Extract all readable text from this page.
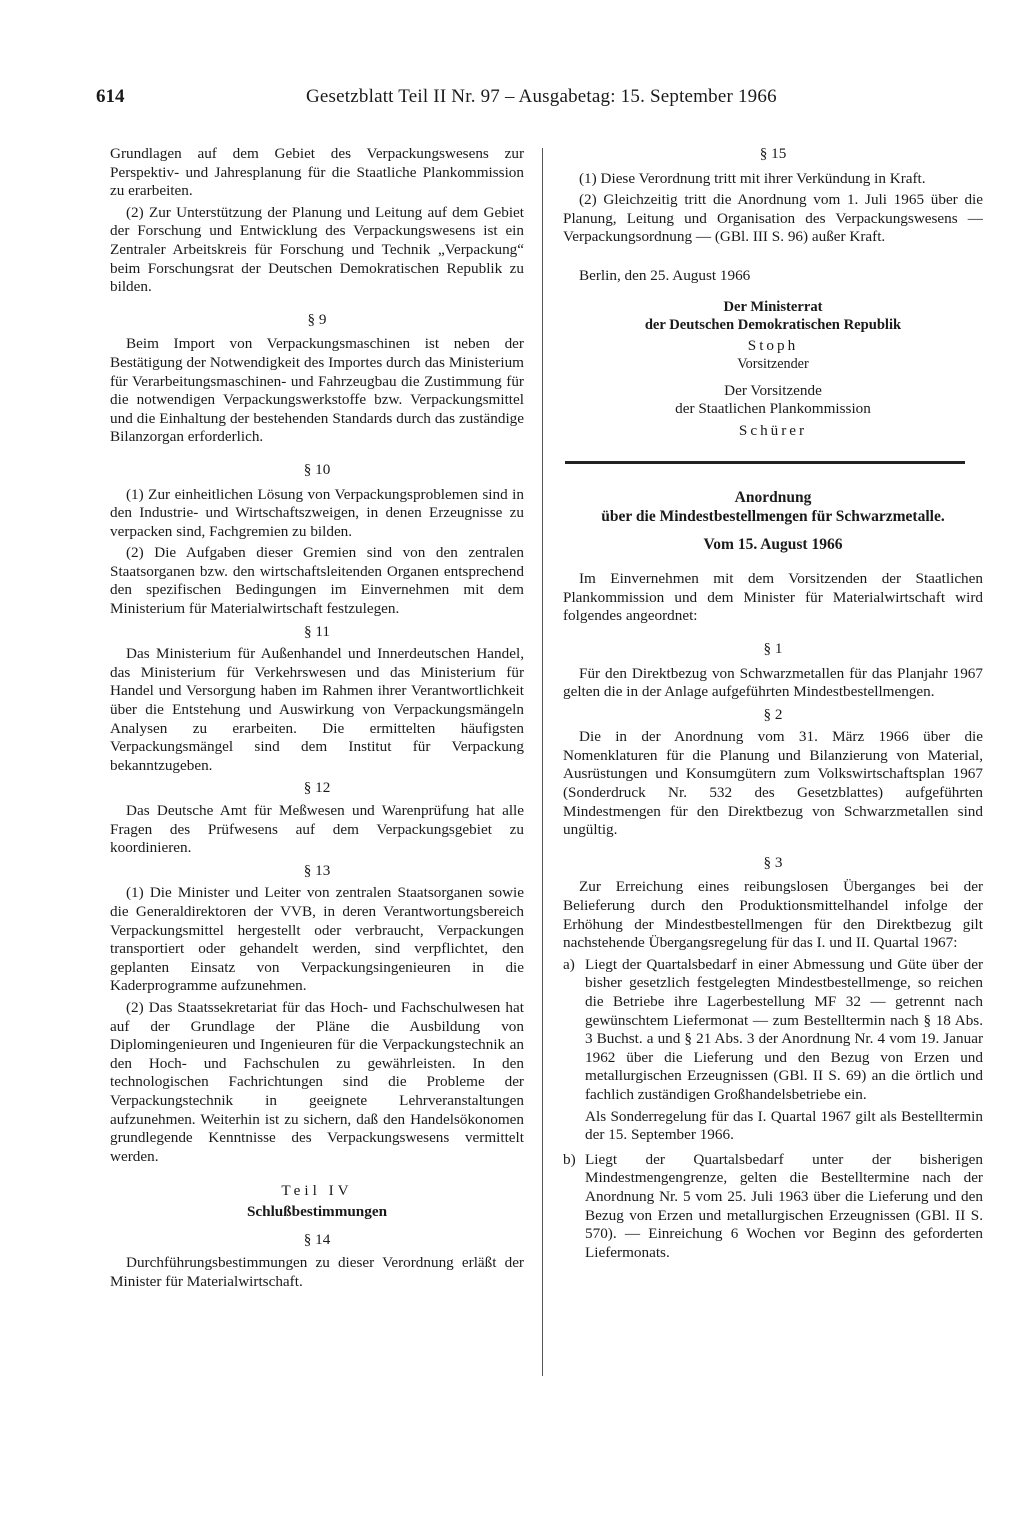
614	Gesetzblatt Teil II Nr. 97 – Ausgabetag: 15. September 1966

Grundlagen auf dem Gebiet des Verpackungswesens zur Perspektiv- und Jahresplanung für die Staatliche Plankommission zu erarbeiten.

(2) Zur Unterstützung der Planung und Leitung auf dem Gebiet der Forschung und Entwicklung des Verpackungswesens ist ein Zentraler Arbeitskreis für Forschung und Technik „Verpackung“ beim Forschungsrat der Deutschen Demokratischen Republik zu bilden.

§ 9

Beim Import von Verpackungsmaschinen ist neben der Bestätigung der Notwendigkeit des Importes durch das Ministerium für Verarbeitungsmaschinen- und Fahrzeugbau die Zustimmung für die notwendigen Verpackungswerkstoffe bzw. Verpackungsmittel und die Einhaltung der bestehenden Standards durch das zuständige Bilanzorgan erforderlich.

§ 10

(1) Zur einheitlichen Lösung von Verpackungsproblemen sind in den Industrie- und Wirtschaftszweigen, in denen Erzeugnisse zu verpacken sind, Fachgremien zu bilden.

(2) Die Aufgaben dieser Gremien sind von den zentralen Staatsorganen bzw. den wirtschaftsleitenden Organen entsprechend den spezifischen Bedingungen im Einvernehmen mit dem Ministerium für Materialwirtschaft festzulegen.

§ 11

Das Ministerium für Außenhandel und Innerdeutschen Handel, das Ministerium für Verkehrswesen und das Ministerium für Handel und Versorgung haben im Rahmen ihrer Verantwortlichkeit über die Entstehung und Auswirkung von Verpackungsmängeln Analysen zu erarbeiten. Die ermittelten häufigsten Verpackungsmängel sind dem Institut für Verpackung bekanntzugeben.

§ 12

Das Deutsche Amt für Meßwesen und Warenprüfung hat alle Fragen des Prüfwesens auf dem Verpackungsgebiet zu koordinieren.

§ 13

(1) Die Minister und Leiter von zentralen Staatsorganen sowie die Generaldirektoren der VVB, in deren Verantwortungsbereich Verpackungsmittel hergestellt oder verbraucht, Verpackungen transportiert oder gehandelt werden, sind verpflichtet, den geplanten Einsatz von Verpackungsingenieuren in die Kaderprogramme aufzunehmen.

(2) Das Staatssekretariat für das Hoch- und Fachschulwesen hat auf der Grundlage der Pläne die Ausbildung von Diplomingenieuren und Ingenieuren für die Verpackungstechnik an den Hoch- und Fachschulen zu gewährleisten. In den technologischen Fachrichtungen sind die Probleme der Verpackungstechnik in geeignete Lehrveranstaltungen aufzunehmen. Weiterhin ist zu sichern, daß den Handelsökonomen grundlegende Kenntnisse des Verpackungswesens vermittelt werden.

Teil IV
Schlußbestimmungen
§ 14

Durchführungsbestimmungen zu dieser Verordnung erläßt der Minister für Materialwirtschaft.

§ 15

(1) Diese Verordnung tritt mit ihrer Verkündung in Kraft.

(2) Gleichzeitig tritt die Anordnung vom 1. Juli 1965 über die Planung, Leitung und Organisation des Verpackungswesens — Verpackungsordnung — (GBl. III S. 96) außer Kraft.

Berlin, den 25. August 1966

Der Ministerrat
der Deutschen Demokratischen Republik
Stoph
Vorsitzender
Der Vorsitzende
der Staatlichen Plankommission
Schürer
Anordnung
über die Mindestbestellmengen für Schwarzmetalle.
Vom 15. August 1966

Im Einvernehmen mit dem Vorsitzenden der Staatlichen Plankommission und dem Minister für Materialwirtschaft wird folgendes angeordnet:

§ 1

Für den Direktbezug von Schwarzmetallen für das Planjahr 1967 gelten die in der Anlage aufgeführten Mindestbestellmengen.

§ 2

Die in der Anordnung vom 31. März 1966 über die Nomenklaturen für die Planung und Bilanzierung von Material, Ausrüstungen und Konsumgütern zum Volkswirtschaftsplan 1967 (Sonderdruck Nr. 532 des Gesetzblattes) aufgeführten Mindestmengen für den Direktbezug von Schwarzmetallen sind ungültig.

§ 3

Zur Erreichung eines reibungslosen Überganges bei der Belieferung durch den Produktionsmittelhandel infolge der Erhöhung der Mindestbestellmengen für den Direktbezug gilt nachstehende Übergangsregelung für das I. und II. Quartal 1967:

a) Liegt der Quartalsbedarf in einer Abmessung und Güte über der bisher gesetzlich festgelegten Mindestbestellmenge, so reichen die Betriebe ihre Lagerbestellung MF 32 — getrennt nach gewünschtem Liefermonat — zum Bestelltermin nach § 18 Abs. 3 Buchst. a und § 21 Abs. 3 der Anordnung Nr. 4 vom 19. Januar 1962 über die Lieferung und den Bezug von Erzen und metallurgischen Erzeugnissen (GBl. II S. 69) an die örtlich und fachlich zuständigen Großhandelsbetriebe ein.

Als Sonderregelung für das I. Quartal 1967 gilt als Bestelltermin der 15. September 1966.

b) Liegt der Quartalsbedarf unter der bisherigen Mindestmengengrenze, gelten die Bestelltermine nach der Anordnung Nr. 5 vom 25. Juli 1963 über die Lieferung und den Bezug von Erzen und metallurgischen Erzeugnissen (GBl. II S. 570). — Einreichung 6 Wochen vor Beginn des geforderten Liefermonats.
